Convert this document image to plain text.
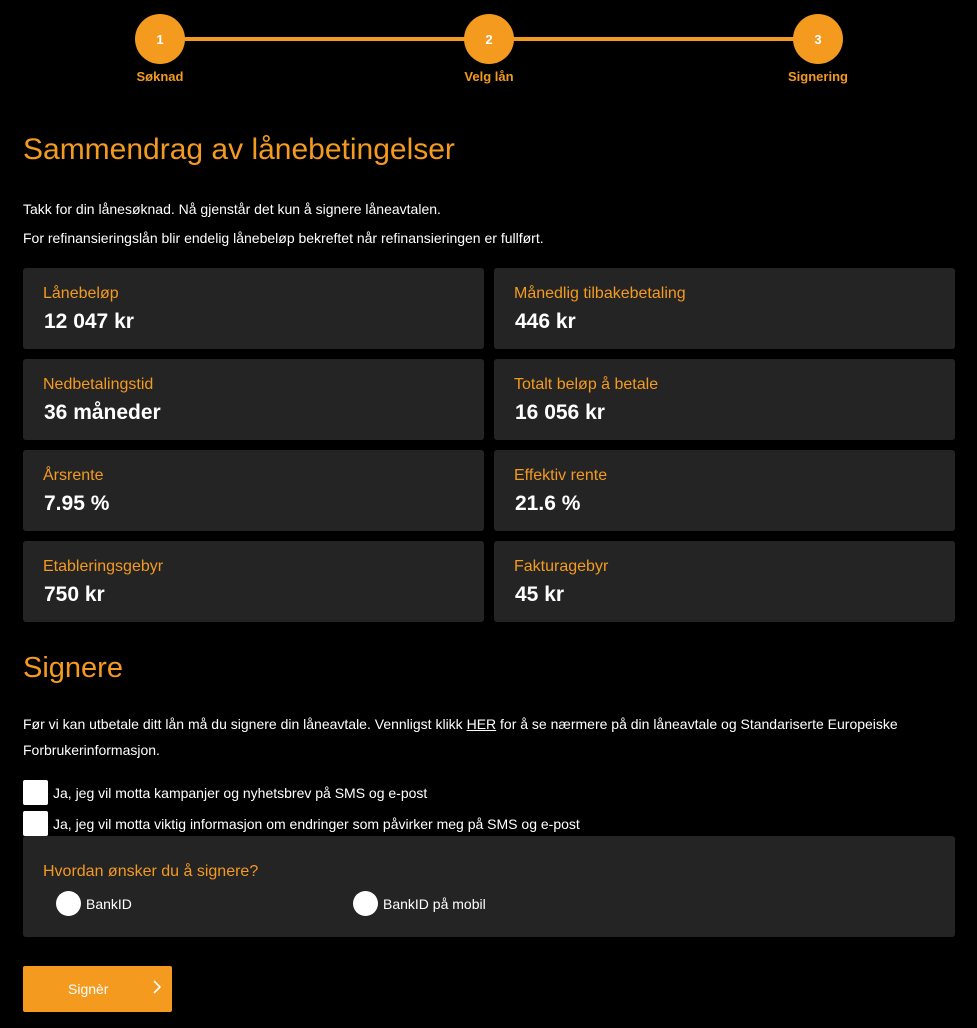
1
Søknad
2
Velg lån
3
Signering
Sammendrag av lånebetingelser
Takk for din lånesøknad. Nå gjenstår det kun å signere låneavtalen.
For refinansieringslån blir endelig lånebeløp bekreftet når refinansieringen er fullført.
Lånebeløp
12 047 kr
Månedlig tilbakebetaling
446 kr
Nedbetalingstid
36 måneder
Totalt beløp å betale
16 056 kr
Årsrente
7.95 %
Effektiv rente
21.6 %
Etableringsgebyr
750 kr
Fakturagebyr
45 kr
Signere
Før vi kan utbetale ditt lån må du signere din låneavtale. Vennligst klikk HER for å se nærmere på din låneavtale og Standariserte Europeiske Forbrukerinformasjon.
Ja, jeg vil motta kampanjer og nyhetsbrev på SMS og e-post
Ja, jeg vil motta viktig informasjon om endringer som påvirker meg på SMS og e-post
Hvordan ønsker du å signere?
BankID	BankID på mobil
Signèr
